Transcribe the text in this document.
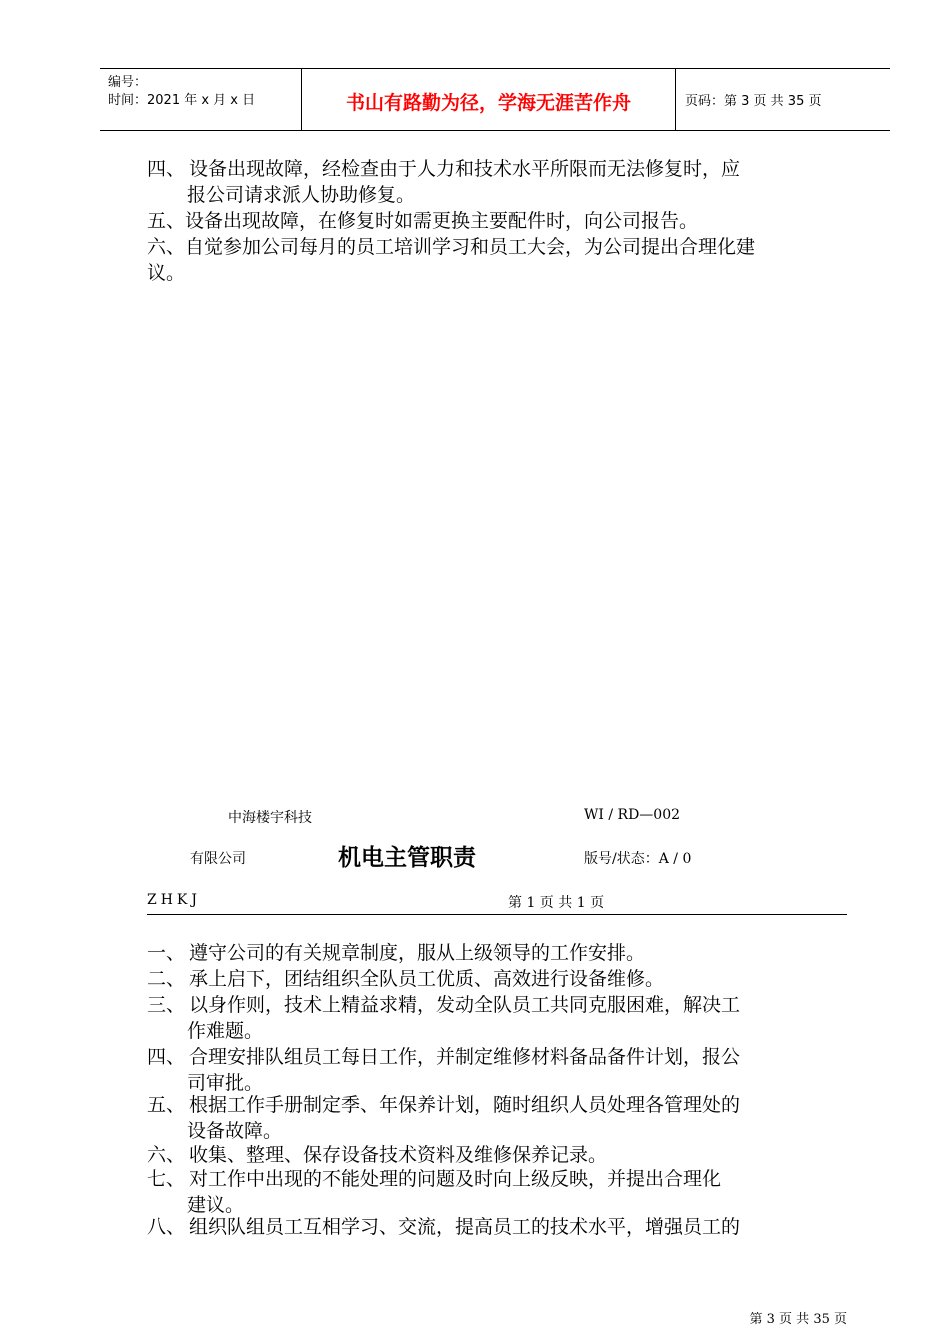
编号：
时间：2021 年 x 月 x 日	书山有路勤为径，学海无涯苦作舟	页码：第 3 页 共 35 页
四、 设备出现故障，经检查由于人力和技术水平所限而无法修复时，应
报公司请求派人协助修复。
五、设备出现故障，在修复时如需更换主要配件时，向公司报告。
六、自觉参加公司每月的员工培训学习和员工大会，为公司提出合理化建
议。
中海楼宇科技	WI / RD—002
有限公司	机电主管职责	版号/状态：A / 0
ZHKJ	第 1 页 共 1 页
一、 遵守公司的有关规章制度，服从上级领导的工作安排。
二、 承上启下，团结组织全队员工优质、高效进行设备维修。
三、 以身作则，技术上精益求精，发动全队员工共同克服困难，解决工
作难题。
四、 合理安排队组员工每日工作，并制定维修材料备品备件计划，报公
司审批。
五、 根据工作手册制定季、年保养计划，随时组织人员处理各管理处的
设备故障。
六、 收集、整理、保存设备技术资料及维修保养记录。
七、 对工作中出现的不能处理的问题及时向上级反映，并提出合理化
建议。
八、 组织队组员工互相学习、交流，提高员工的技术水平，增强员工的
第 3 页 共 35 页
